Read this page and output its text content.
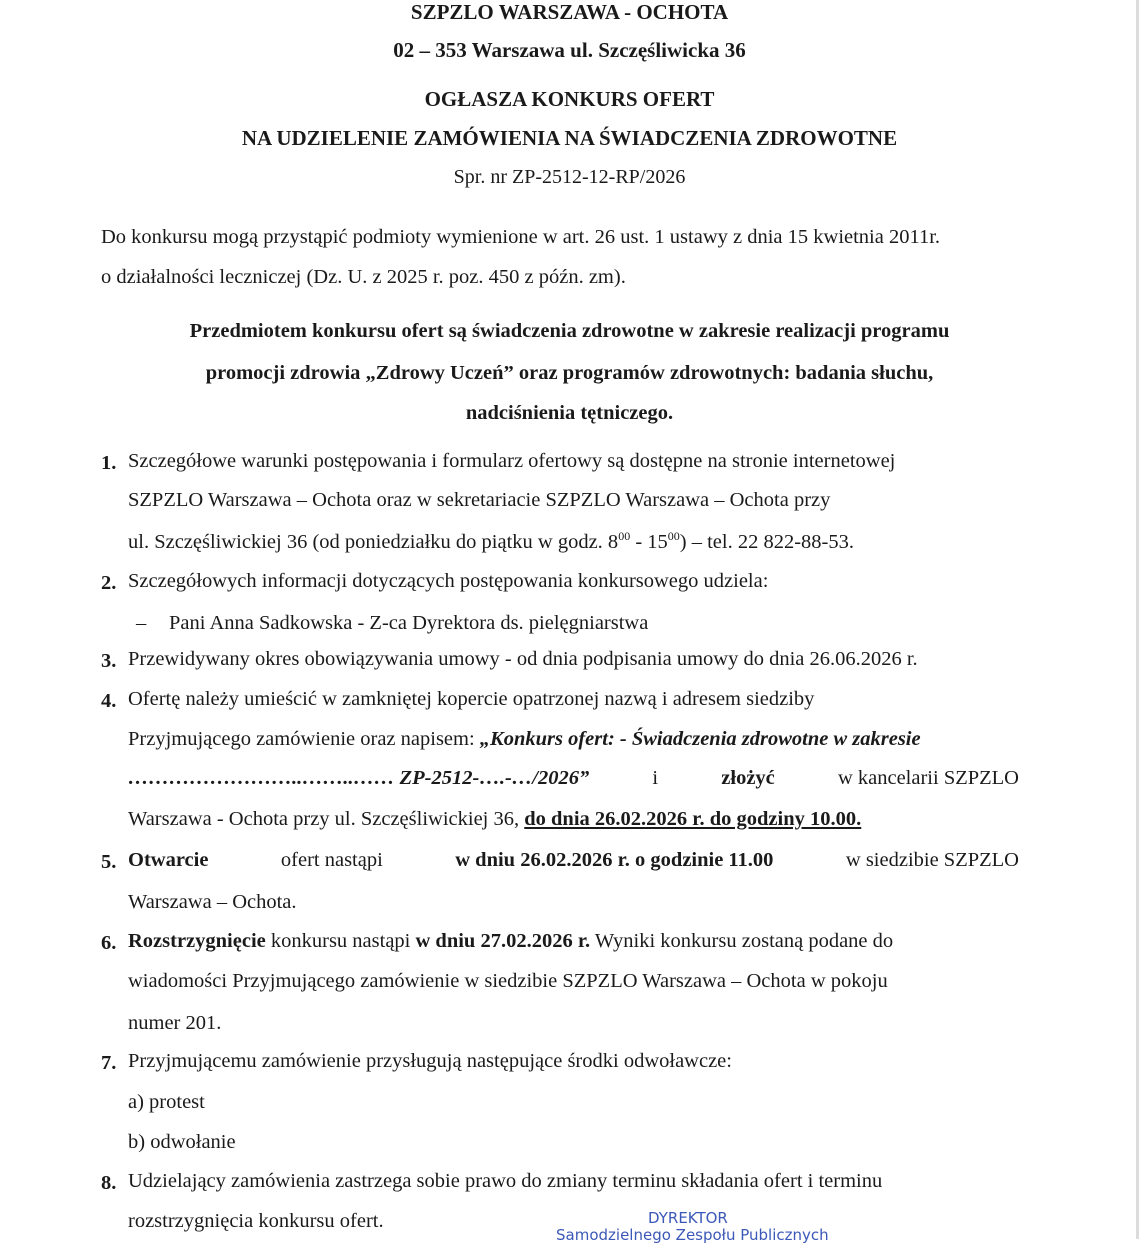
SZPZLO WARSZAWA - OCHOTA
02 – 353 Warszawa ul. Szczęśliwicka 36
OGŁASZA KONKURS OFERT
NA UDZIELENIE ZAMÓWIENIA NA ŚWIADCZENIA ZDROWOTNE
Spr. nr ZP-2512-12-RP/2026
Do konkursu mogą przystąpić podmioty wymienione w art. 26 ust. 1 ustawy z dnia 15 kwietnia 2011r.
o działalności leczniczej (Dz. U. z 2025 r. poz. 450 z późn. zm).
Przedmiotem konkursu ofert są świadczenia zdrowotne w zakresie realizacji programu
promocji zdrowia „Zdrowy Uczeń” oraz programów zdrowotnych: badania słuchu,
nadciśnienia tętniczego.
1. Szczegółowe warunki postępowania i formularz ofertowy są dostępne na stronie internetowej
SZPZLO Warszawa – Ochota oraz w sekretariacie SZPZLO Warszawa – Ochota przy
ul. Szczęśliwickiej 36 (od poniedziałku do piątku w godz. $8^{00} - 15^{00}$) – tel. 22 822-88-53.
2. Szczegółowych informacji dotyczących postępowania konkursowego udziela:
– Pani Anna Sadkowska - Z-ca Dyrektora ds. pielęgniarstwa
3. Przewidywany okres obowiązywania umowy - od dnia podpisania umowy do dnia 26.06.2026 r.
4. Ofertę należy umieścić w zamkniętej kopercie opatrzonej nazwą i adresem siedziby
Przyjmującego zamówienie oraz napisem: „Konkurs ofert: - Świadczenia zdrowotne w zakresie
……………………..……..…… ZP-2512-….-…/2026”	i	złożyć	w kancelarii SZPZLO
Warszawa - Ochota przy ul. Szczęśliwickiej 36, do dnia 26.02.2026 r. do godziny 10.00.
5. Otwarcie	ofert nastąpi	w dniu 26.02.2026 r. o godzinie 11.00	w siedzibie SZPZLO
Warszawa – Ochota.
6. Rozstrzygnięcie konkursu nastąpi w dniu 27.02.2026 r. Wyniki konkursu zostaną podane do
wiadomości Przyjmującego zamówienie w siedzibie SZPZLO Warszawa – Ochota w pokoju
numer 201.
7. Przyjmującemu zamówienie przysługują następujące środki odwoławcze:
a) protest
b) odwołanie
8. Udzielający zamówienia zastrzega sobie prawo do zmiany terminu składania ofert i terminu
rozstrzygnięcia konkursu ofert.	DYREKTOR
Samodzielnego Zespołu Publicznych
